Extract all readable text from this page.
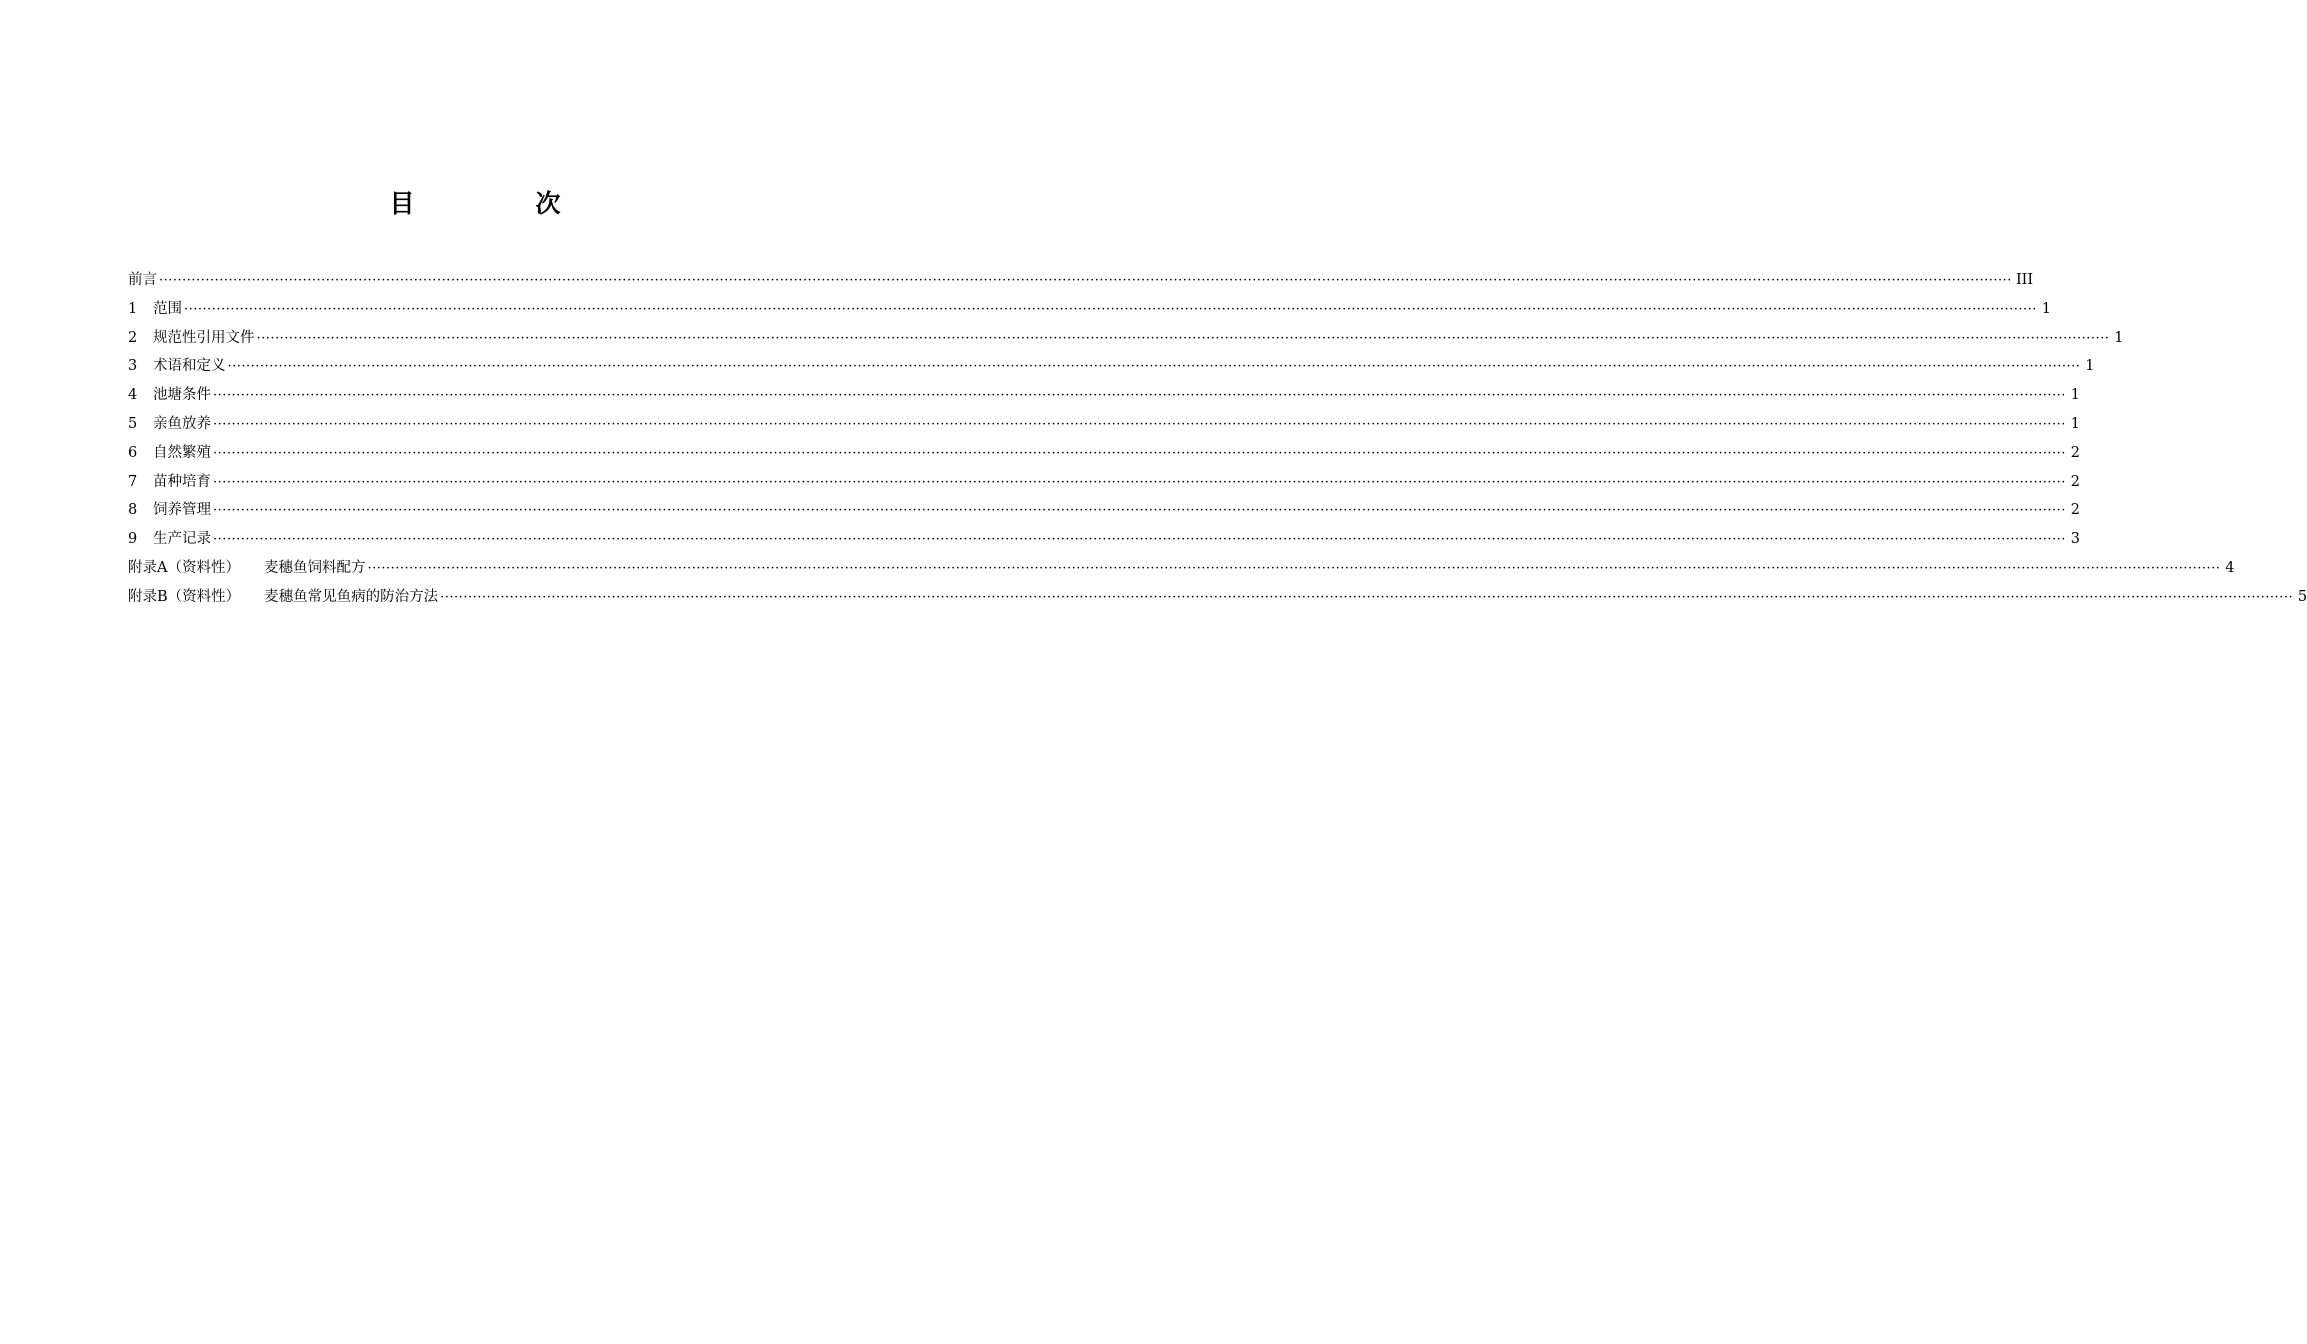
目　次
前言 ················································································································································································································································································································································································································ III
1	范围 ················································································································································································································································································································································································································ 1
2	规范性引用文件 ················································································································································································································································································································································································································ 1
3	术语和定义 ················································································································································································································································································································································································································ 1
4	池塘条件 ················································································································································································································································································································································································································ 1
5	亲鱼放养 ················································································································································································································································································································································································································ 1
6	自然繁殖 ················································································································································································································································································································································································································ 2
7	苗种培育 ················································································································································································································································································································································································································ 2
8	饲养管理 ················································································································································································································································································································································································································ 2
9	生产记录 ················································································································································································································································································································································································································ 3
附录A（资料性） 麦穗鱼饲料配方 ················································································································································································································································································································································································································ 4
附录B（资料性） 麦穗鱼常见鱼病的防治方法 ················································································································································································································································································································································································································ 5
